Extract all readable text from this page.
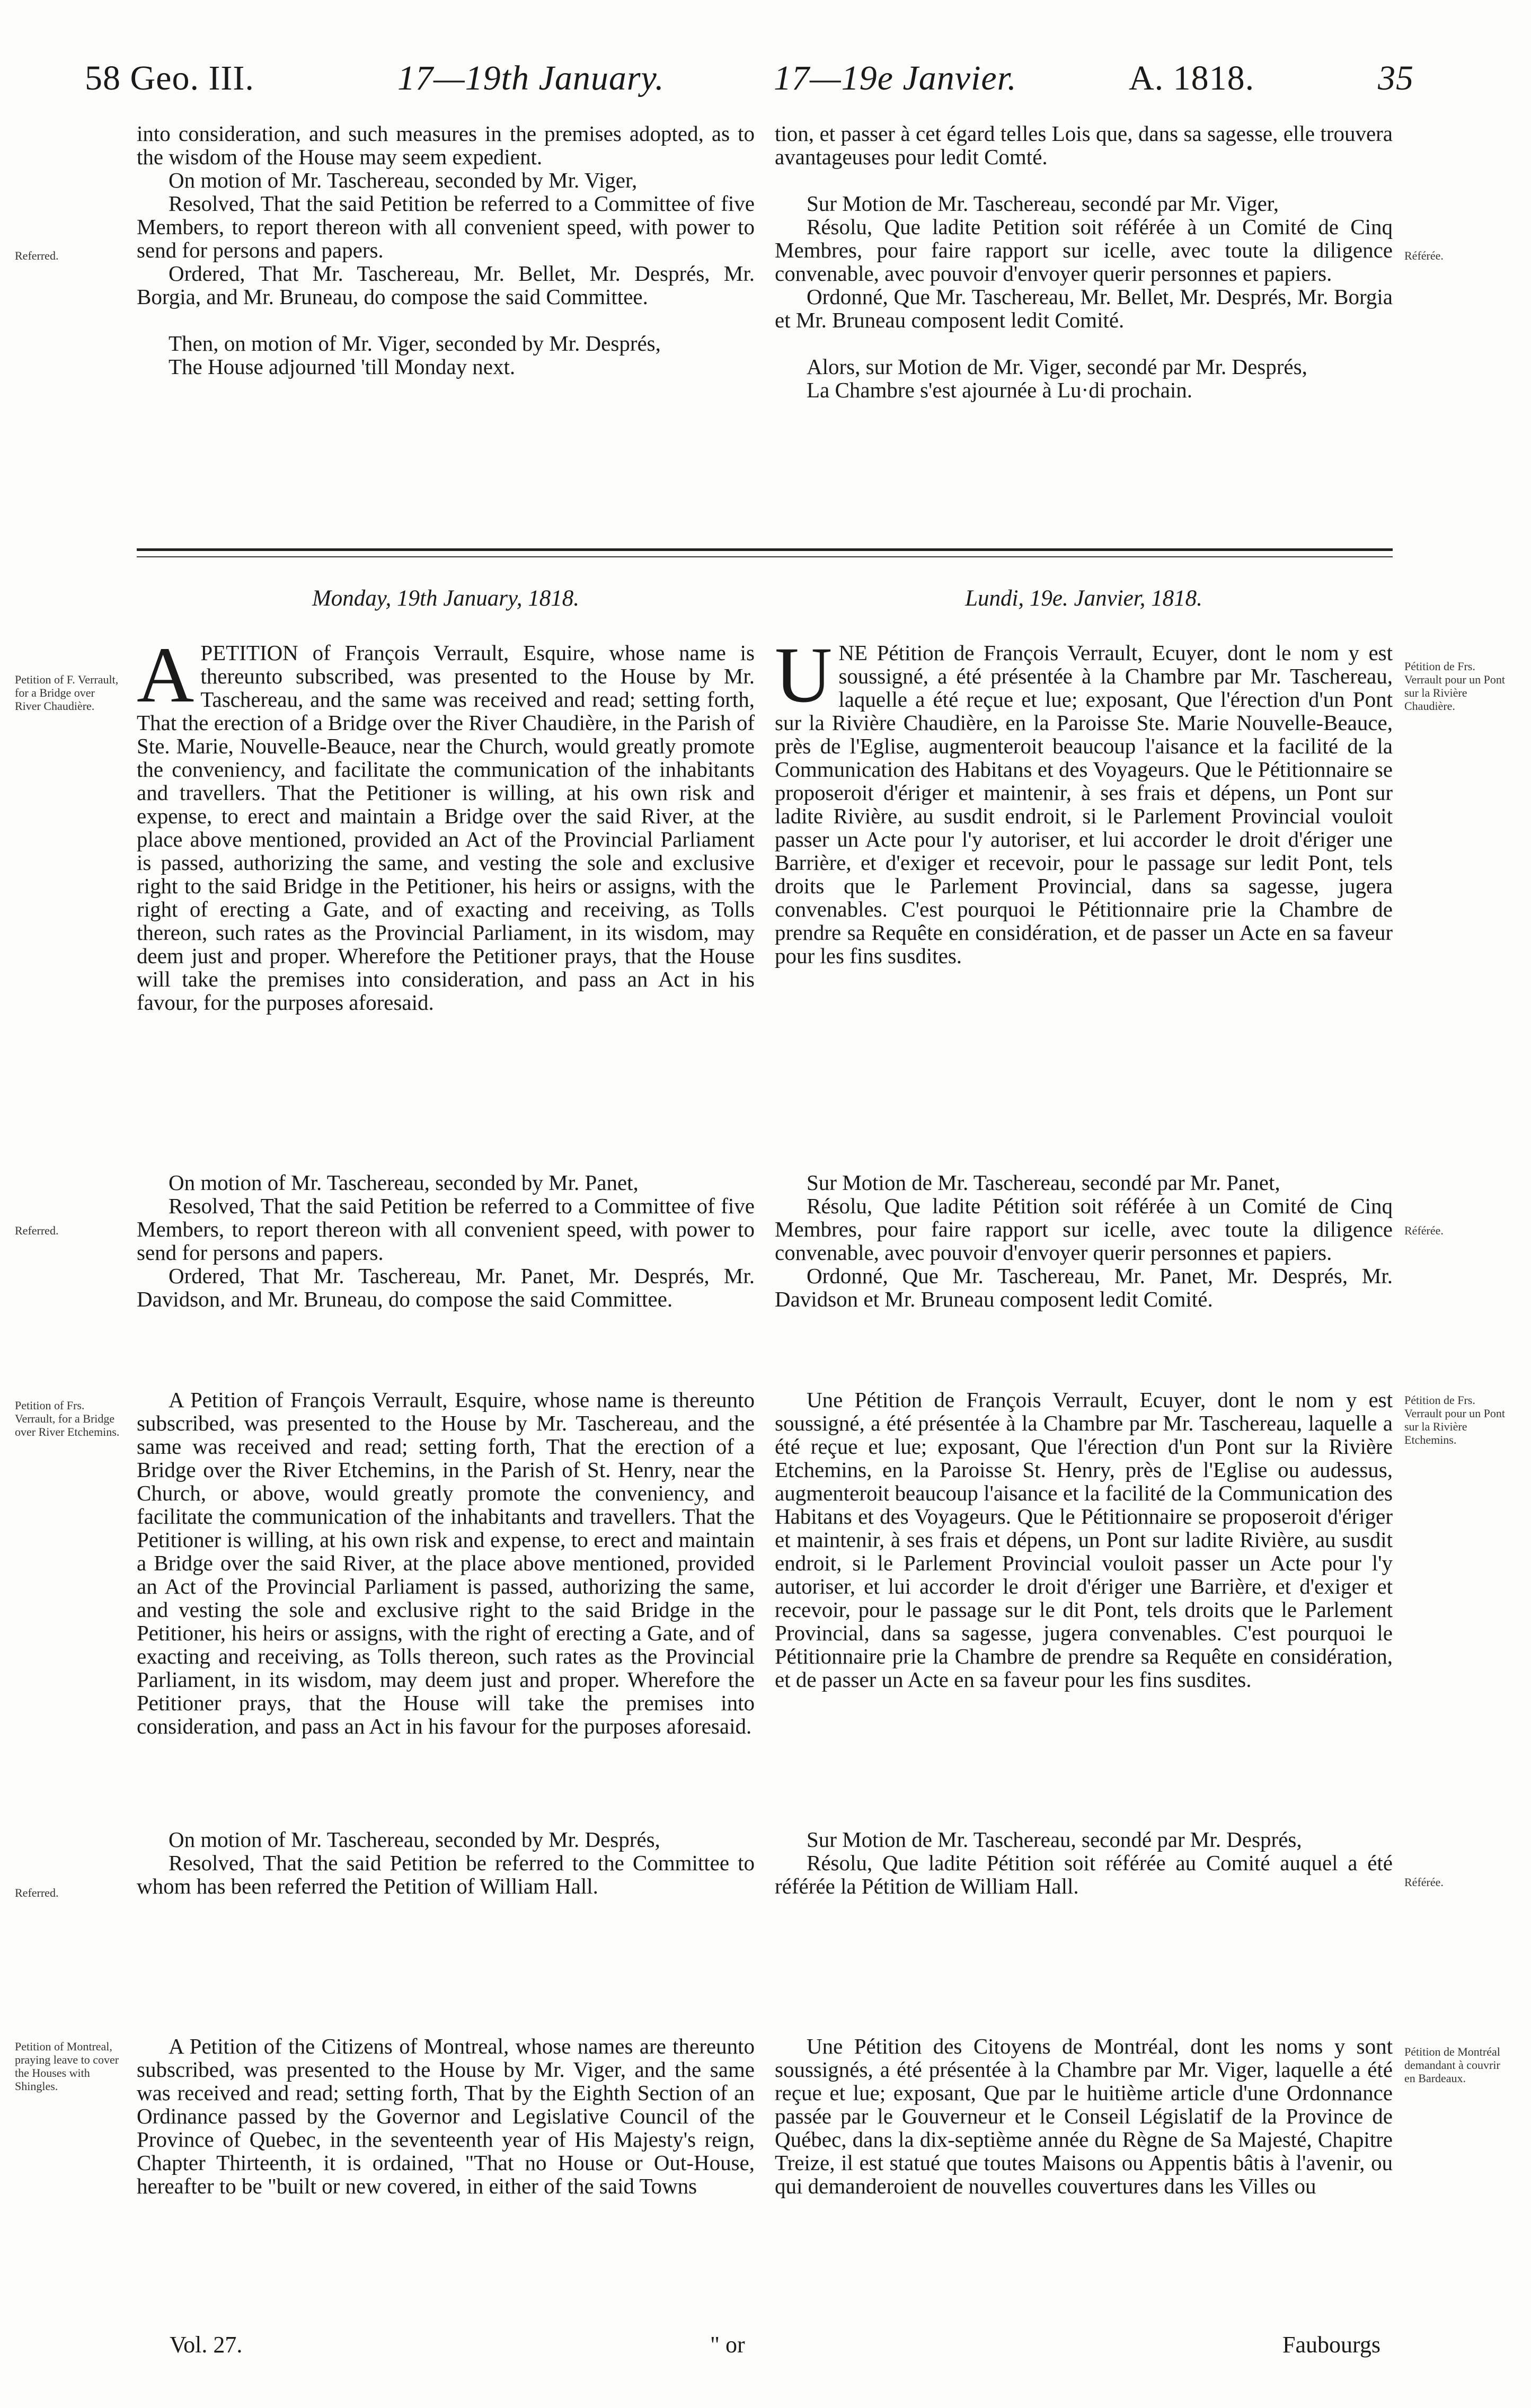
58 Geo. III.	17—19th January.	17—19e Janvier.	A. 1818.	35

into consideration, and such measures in the premises adopted, as to the wisdom of the House may seem expedient.

On motion of Mr. Taschereau, seconded by Mr. Viger,

Resolved, That the said Petition be referred to a Committee of five Members, to report thereon with all convenient speed, with power to send for persons and papers.

Ordered, That Mr. Taschereau, Mr. Bellet, Mr. Després, Mr. Borgia, and Mr. Bruneau, do compose the said Committee.

Then, on motion of Mr. Viger, seconded by Mr. Després,

The House adjourned 'till Monday next.

tion, et passer à cet égard telles Lois que, dans sa sagesse, elle trouvera avantageuses pour ledit Comté.

Sur Motion de Mr. Taschereau, secondé par Mr. Viger,

Résolu, Que ladite Petition soit référée à un Comité de Cinq Membres, pour faire rapport sur icelle, avec toute la diligence convenable, avec pouvoir d'envoyer querir personnes et papiers.

Ordonné, Que Mr. Taschereau, Mr. Bellet, Mr. Després, Mr. Borgia et Mr. Bruneau composent ledit Comité.

Alors, sur Motion de Mr. Viger, secondé par Mr. Després,

La Chambre s'est ajournée à Lu·di prochain.

Referred.	Référée.
Monday, 19th January, 1818.	Lundi, 19e. Janvier, 1818.

APETITION of François Verrault, Esquire, whose name is thereunto subscribed, was presented to the House by Mr. Taschereau, and the same was received and read; setting forth, That the erection of a Bridge over the River Chaudière, in the Parish of Ste. Marie, Nouvelle-Beauce, near the Church, would greatly promote the conveniency, and facilitate the communication of the inhabitants and travellers. That the Petitioner is willing, at his own risk and expense, to erect and maintain a Bridge over the said River, at the place above mentioned, provided an Act of the Provincial Parliament is passed, authorizing the same, and vesting the sole and exclusive right to the said Bridge in the Petitioner, his heirs or assigns, with the right of erecting a Gate, and of exacting and receiving, as Tolls thereon, such rates as the Provincial Parliament, in its wisdom, may deem just and proper. Wherefore the Petitioner prays, that the House will take the premises into consideration, and pass an Act in his favour, for the purposes aforesaid.

UNE Pétition de François Verrault, Ecuyer, dont le nom y est soussigné, a été présentée à la Chambre par Mr. Taschereau, laquelle a été reçue et lue; exposant, Que l'érection d'un Pont sur la Rivière Chaudière, en la Paroisse Ste. Marie Nouvelle-Beauce, près de l'Eglise, augmenteroit beaucoup l'aisance et la facilité de la Communication des Habitans et des Voyageurs. Que le Pétitionnaire se proposeroit d'ériger et maintenir, à ses frais et dépens, un Pont sur ladite Rivière, au susdit endroit, si le Parlement Provincial vouloit passer un Acte pour l'y autoriser, et lui accorder le droit d'ériger une Barrière, et d'exiger et recevoir, pour le passage sur ledit Pont, tels droits que le Parlement Provincial, dans sa sagesse, jugera convenables. C'est pourquoi le Pétitionnaire prie la Chambre de prendre sa Requête en considération, et de passer un Acte en sa faveur pour les fins susdites.

Petition of F. Verrault, for a Bridge over River Chaudière.
Pétition de Frs. Verrault pour un Pont sur la Rivière Chaudière.

On motion of Mr. Taschereau, seconded by Mr. Panet,

Resolved, That the said Petition be referred to a Committee of five Members, to report thereon with all convenient speed, with power to send for persons and papers.

Ordered, That Mr. Taschereau, Mr. Panet, Mr. Després, Mr. Davidson, and Mr. Bruneau, do compose the said Committee.

Sur Motion de Mr. Taschereau, secondé par Mr. Panet,

Résolu, Que ladite Pétition soit référée à un Comité de Cinq Membres, pour faire rapport sur icelle, avec toute la diligence convenable, avec pouvoir d'envoyer querir personnes et papiers.

Ordonné, Que Mr. Taschereau, Mr. Panet, Mr. Després, Mr. Davidson et Mr. Bruneau composent ledit Comité.

Referred.	Référée.

A Petition of François Verrault, Esquire, whose name is thereunto subscribed, was presented to the House by Mr. Taschereau, and the same was received and read; setting forth, That the erection of a Bridge over the River Etchemins, in the Parish of St. Henry, near the Church, or above, would greatly promote the conveniency, and facilitate the communication of the inhabitants and travellers. That the Petitioner is willing, at his own risk and expense, to erect and maintain a Bridge over the said River, at the place above mentioned, provided an Act of the Provincial Parliament is passed, authorizing the same, and vesting the sole and exclusive right to the said Bridge in the Petitioner, his heirs or assigns, with the right of erecting a Gate, and of exacting and receiving, as Tolls thereon, such rates as the Provincial Parliament, in its wisdom, may deem just and proper. Wherefore the Petitioner prays, that the House will take the premises into consideration, and pass an Act in his favour for the purposes aforesaid.

Une Pétition de François Verrault, Ecuyer, dont le nom y est soussigné, a été présentée à la Chambre par Mr. Taschereau, laquelle a été reçue et lue; exposant, Que l'érection d'un Pont sur la Rivière Etchemins, en la Paroisse St. Henry, près de l'Eglise ou audessus, augmenteroit beaucoup l'aisance et la facilité de la Communication des Habitans et des Voyageurs. Que le Pétitionnaire se proposeroit d'ériger et maintenir, à ses frais et dépens, un Pont sur ladite Rivière, au susdit endroit, si le Parlement Provincial vouloit passer un Acte pour l'y autoriser, et lui accorder le droit d'ériger une Barrière, et d'exiger et recevoir, pour le passage sur le dit Pont, tels droits que le Parlement Provincial, dans sa sagesse, jugera convenables. C'est pourquoi le Pétitionnaire prie la Chambre de prendre sa Requête en considération, et de passer un Acte en sa faveur pour les fins susdites.

Petition of Frs. Verrault, for a Bridge over River Etchemins.
Pétition de Frs. Verrault pour un Pont sur la Rivière Etchemins.

On motion of Mr. Taschereau, seconded by Mr. Després,

Resolved, That the said Petition be referred to the Committee to whom has been referred the Petition of William Hall.

Sur Motion de Mr. Taschereau, secondé par Mr. Després,

Résolu, Que ladite Pétition soit référée au Comité auquel a été référée la Pétition de William Hall.

Referred.
Référée.

A Petition of the Citizens of Montreal, whose names are thereunto subscribed, was presented to the House by Mr. Viger, and the same was received and read; setting forth, That by the Eighth Section of an Ordinance passed by the Governor and Legislative Council of the Province of Quebec, in the seventeenth year of His Majesty's reign, Chapter Thirteenth, it is ordained, "That no House or Out-House, hereafter to be "built or new covered, in either of the said Towns

Une Pétition des Citoyens de Montréal, dont les noms y sont soussignés, a été présentée à la Chambre par Mr. Viger, laquelle a été reçue et lue; exposant, Que par le huitième article d'une Ordonnance passée par le Gouverneur et le Conseil Législatif de la Province de Québec, dans la dix-septième année du Règne de Sa Majesté, Chapitre Treize, il est statué que toutes Maisons ou Appentis bâtis à l'avenir, ou qui demanderoient de nouvelles couvertures dans les Villes ou

Petition of Montreal, praying leave to cover the Houses with Shingles.
Pétition de Montréal demandant à couvrir en Bardeaux.
Vol. 27.	" or	Faubourgs
